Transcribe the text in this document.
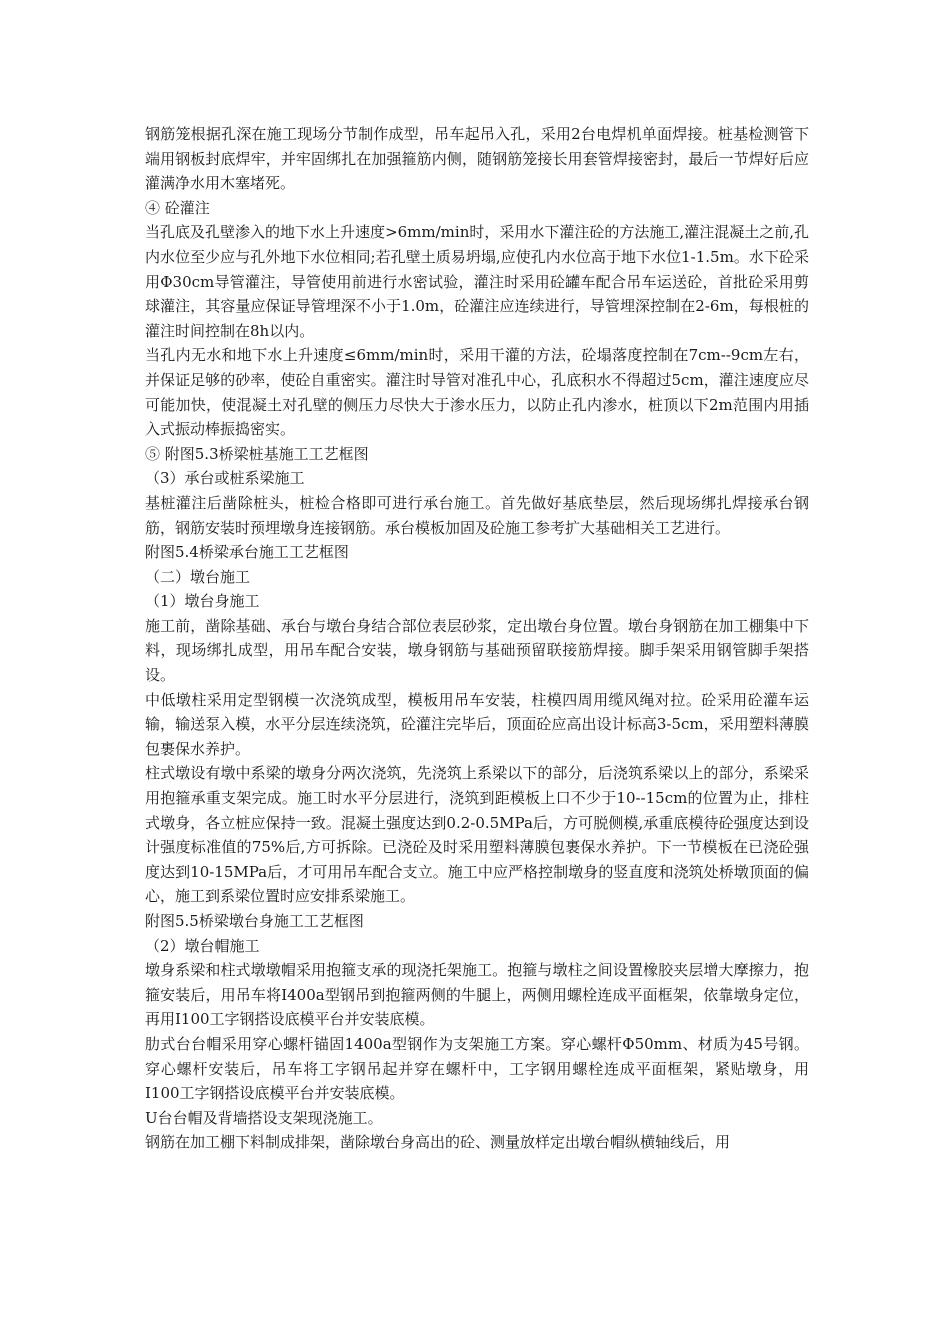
钢筋笼根据孔深在施工现场分节制作成型，吊车起吊入孔，采用2台电焊机单面焊接。桩基检测管下端用钢板封底焊牢，并牢固绑扎在加强箍筋内侧，随钢筋笼接长用套管焊接密封，最后一节焊好后应灌满净水用木塞堵死。

④ 砼灌注

当孔底及孔壁渗入的地下水上升速度>6mm/min时，采用水下灌注砼的方法施工,灌注混凝土之前,孔内水位至少应与孔外地下水位相同;若孔壁土质易坍塌,应使孔内水位高于地下水位1-1.5m。水下砼采用Φ30cm导管灌注，导管使用前进行水密试验，灌注时采用砼罐车配合吊车运送砼，首批砼采用剪球灌注，其容量应保证导管埋深不小于1.0m，砼灌注应连续进行，导管埋深控制在2-6m，每根桩的灌注时间控制在8h以内。

当孔内无水和地下水上升速度≤6mm/min时，采用干灌的方法，砼塌落度控制在7cm--9cm左右，并保证足够的砂率，使砼自重密实。灌注时导管对准孔中心，孔底积水不得超过5cm，灌注速度应尽可能加快，使混凝土对孔壁的侧压力尽快大于渗水压力，以防止孔内渗水，桩顶以下2m范围内用插入式振动棒振捣密实。

⑤ 附图5.3桥梁桩基施工工艺框图

（3）承台或桩系梁施工

基桩灌注后凿除桩头，桩检合格即可进行承台施工。首先做好基底垫层，然后现场绑扎焊接承台钢筋，钢筋安装时预埋墩身连接钢筋。承台模板加固及砼施工参考扩大基础相关工艺进行。

附图5.4桥梁承台施工工艺框图

（二）墩台施工

（1）墩台身施工

施工前，凿除基础、承台与墩台身结合部位表层砂浆，定出墩台身位置。墩台身钢筋在加工棚集中下料，现场绑扎成型，用吊车配合安装，墩身钢筋与基础预留联接筋焊接。脚手架采用钢管脚手架搭设。

中低墩柱采用定型钢模一次浇筑成型，模板用吊车安装，柱模四周用缆风绳对拉。砼采用砼灌车运输，输送泵入模，水平分层连续浇筑，砼灌注完毕后，顶面砼应高出设计标高3-5cm，采用塑料薄膜包裹保水养护。

柱式墩设有墩中系梁的墩身分两次浇筑，先浇筑上系梁以下的部分，后浇筑系梁以上的部分，系梁采用抱箍承重支架完成。施工时水平分层进行，浇筑到距模板上口不少于10--15cm的位置为止，排柱式墩身，各立桩应保持一致。混凝土强度达到0.2-0.5MPa后，方可脱侧模,承重底模待砼强度达到设计强度标准值的75%后,方可拆除。已浇砼及时采用塑料薄膜包裹保水养护。下一节模板在已浇砼强度达到10-15MPa后，才可用吊车配合支立。施工中应严格控制墩身的竖直度和浇筑处桥墩顶面的偏心，施工到系梁位置时应安排系梁施工。

附图5.5桥梁墩台身施工工艺框图

（2）墩台帽施工

墩身系梁和柱式墩墩帽采用抱箍支承的现浇托架施工。抱箍与墩柱之间设置橡胶夹层增大摩擦力，抱箍安装后，用吊车将I400a型钢吊到抱箍两侧的牛腿上，两侧用螺栓连成平面框架，依靠墩身定位，再用I100工字钢搭设底模平台并安装底模。

肋式台台帽采用穿心螺杆锚固1400a型钢作为支架施工方案。穿心螺杆Φ50mm、材质为45号钢。穿心螺杆安装后，吊车将工字钢吊起并穿在螺杆中，工字钢用螺栓连成平面框架，紧贴墩身，用I100工字钢搭设底模平台并安装底模。

U台台帽及背墙搭设支架现浇施工。

钢筋在加工棚下料制成排架，凿除墩台身高出的砼、测量放样定出墩台帽纵横轴线后，用
